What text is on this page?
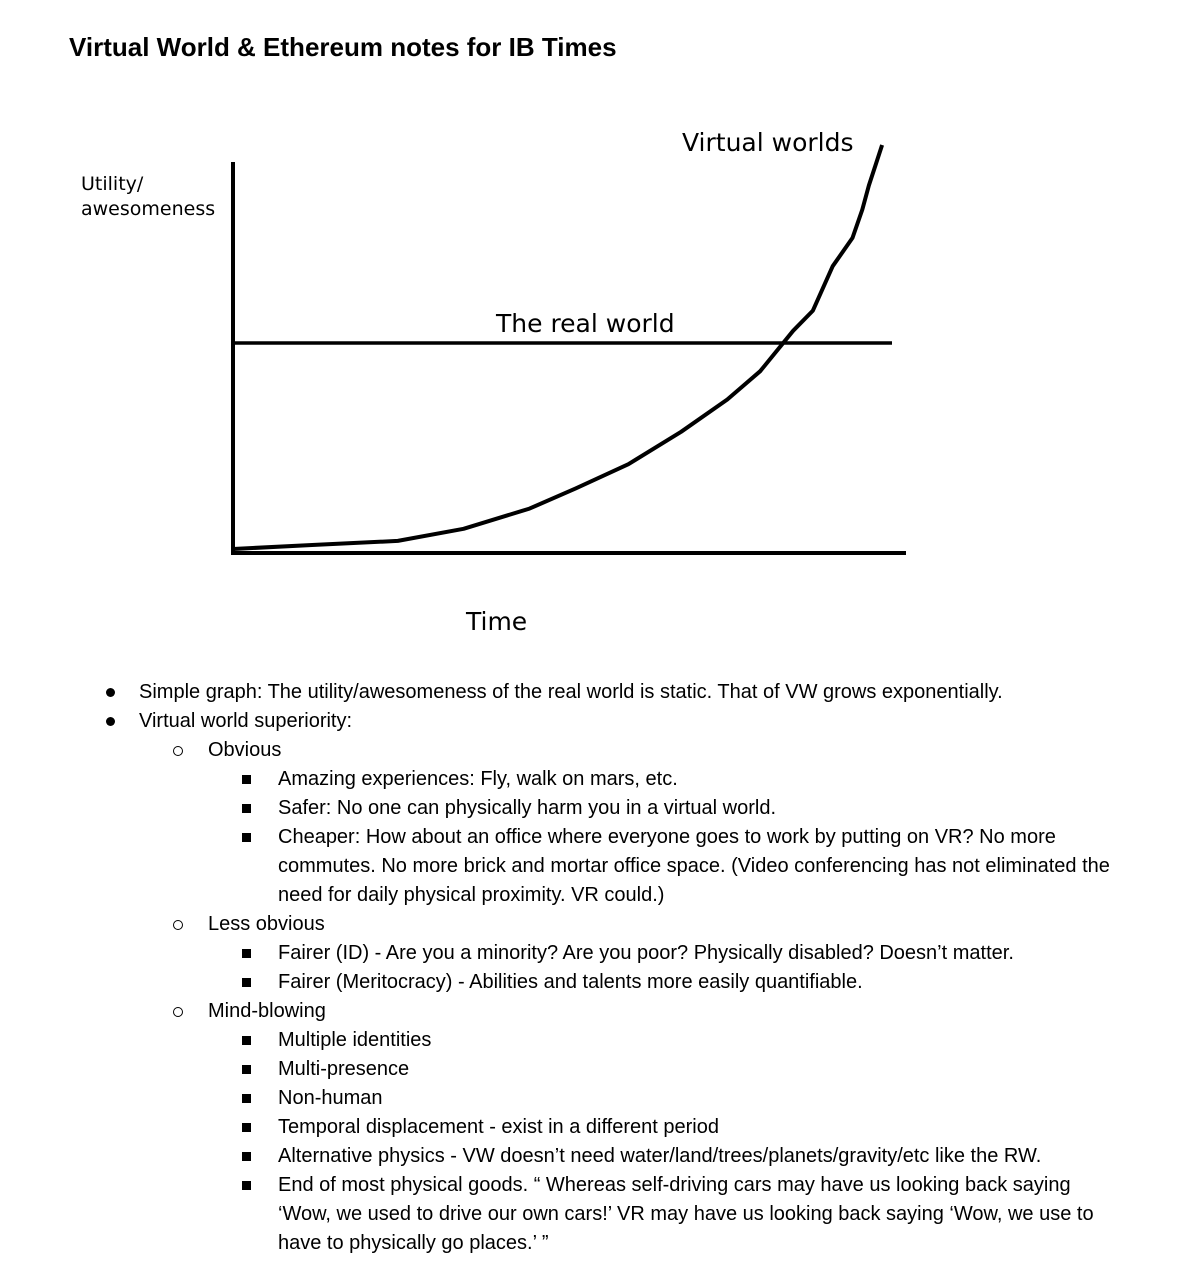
Virtual World & Ethereum notes for IB Times
Utility/
awesomeness
Time
The real world
Virtual worlds
Simple graph: The utility/awesomeness of the real world is static. That of VW grows exponentially.
Virtual world superiority:
Obvious
Amazing experiences: Fly, walk on mars, etc.
Safer: No one can physically harm you in a virtual world.
Cheaper: How about an office where everyone goes to work by putting on VR? No more commutes. No more brick and mortar office space. (Video conferencing has not eliminated the need for daily physical proximity. VR could.)
Less obvious
Fairer (ID) - Are you a minority? Are you poor? Physically disabled? Doesn’t matter.
Fairer (Meritocracy) - Abilities and talents more easily quantifiable.
Mind-blowing
Multiple identities
Multi-presence
Non-human
Temporal displacement - exist in a different period
Alternative physics - VW doesn’t need water/land/trees/planets/gravity/etc like the RW.
End of most physical goods. “ Whereas self-driving cars may have us looking back saying ‘Wow, we used to drive our own cars!’ VR may have us looking back saying ‘Wow, we use to have to physically go places.’ ”
